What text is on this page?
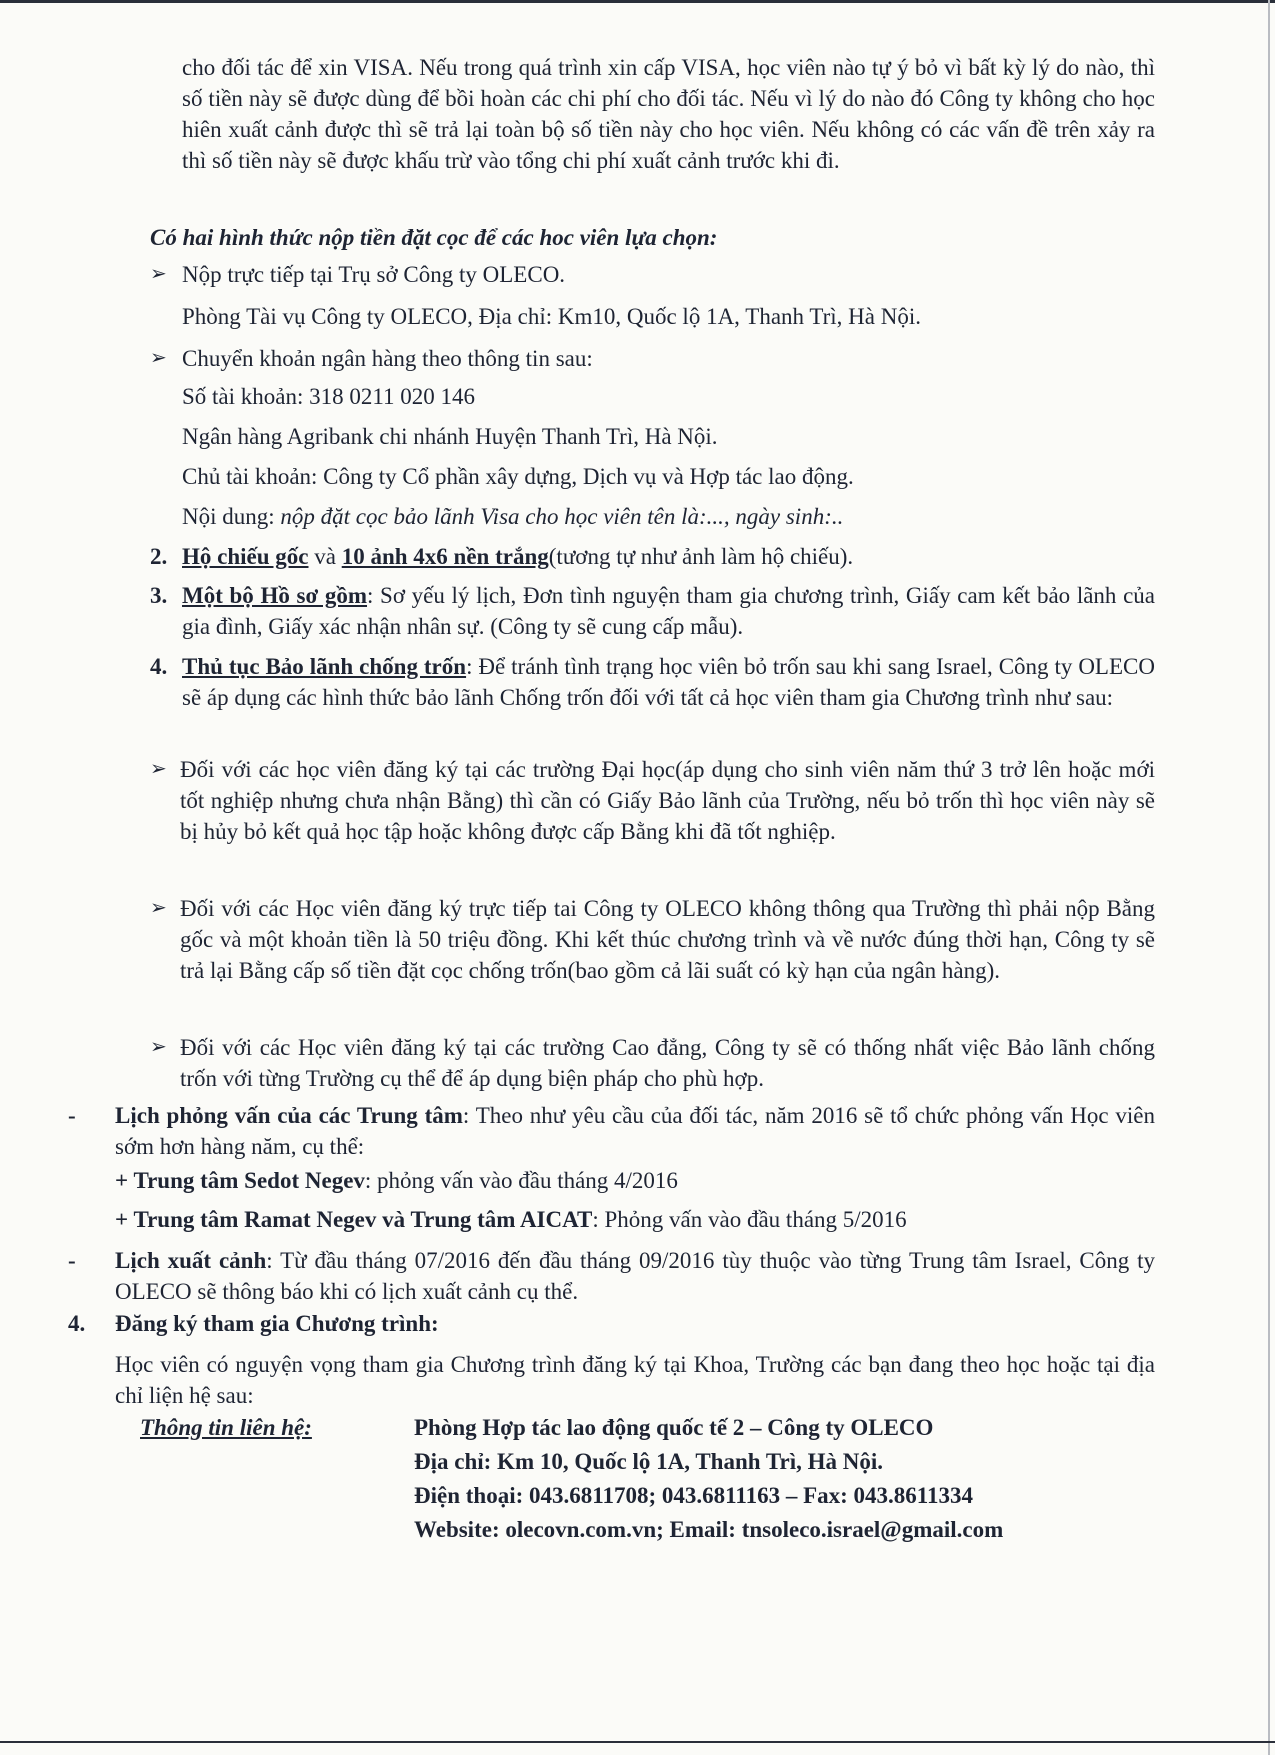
cho đối tác để xin VISA. Nếu trong quá trình xin cấp VISA, học viên nào tự ý bỏ vì bất kỳ lý do nào, thì số tiền này sẽ được dùng để bồi hoàn các chi phí cho đối tác. Nếu vì lý do nào đó Công ty không cho học hiên xuất cảnh được thì sẽ trả lại toàn bộ số tiền này cho học viên. Nếu không có các vấn đề trên xảy ra thì số tiền này sẽ được khấu trừ vào tổng chi phí xuất cảnh trước khi đi.
Có hai hình thức nộp tiền đặt cọc để các hoc viên lựa chọn:
➢ Nộp trực tiếp tại Trụ sở Công ty OLECO.
Phòng Tài vụ Công ty OLECO, Địa chỉ: Km10, Quốc lộ 1A, Thanh Trì, Hà Nội.
➢ Chuyển khoản ngân hàng theo thông tin sau:
Số tài khoản: 318 0211 020 146
Ngân hàng Agribank chi nhánh Huyện Thanh Trì, Hà Nội.
Chủ tài khoản: Công ty Cổ phần xây dựng, Dịch vụ và Hợp tác lao động.
Nội dung: nộp đặt cọc bảo lãnh Visa cho học viên tên là:..., ngày sinh:..
2. Hộ chiếu gốc và 10 ảnh 4x6 nền trắng(tương tự như ảnh làm hộ chiếu).
3. Một bộ Hồ sơ gồm: Sơ yếu lý lịch, Đơn tình nguyện tham gia chương trình, Giấy cam kết bảo lãnh của gia đình, Giấy xác nhận nhân sự. (Công ty sẽ cung cấp mẫu).
4. Thủ tục Bảo lãnh chống trốn: Để tránh tình trạng học viên bỏ trốn sau khi sang Israel, Công ty OLECO sẽ áp dụng các hình thức bảo lãnh Chống trốn đối với tất cả học viên tham gia Chương trình như sau:
➢ Đối với các học viên đăng ký tại các trường Đại học(áp dụng cho sinh viên năm thứ 3 trở lên hoặc mới tốt nghiệp nhưng chưa nhận Bằng) thì cần có Giấy Bảo lãnh của Trường, nếu bỏ trốn thì học viên này sẽ bị hủy bỏ kết quả học tập hoặc không được cấp Bằng khi đã tốt nghiệp.
➢ Đối với các Học viên đăng ký trực tiếp tai Công ty OLECO không thông qua Trường thì phải nộp Bằng gốc và một khoản tiền là 50 triệu đồng. Khi kết thúc chương trình và về nước đúng thời hạn, Công ty sẽ trả lại Bằng cấp số tiền đặt cọc chống trốn(bao gồm cả lãi suất có kỳ hạn của ngân hàng).
➢ Đối với các Học viên đăng ký tại các trường Cao đẳng, Công ty sẽ có thống nhất việc Bảo lãnh chống trốn với từng Trường cụ thể để áp dụng biện pháp cho phù hợp.
- Lịch phỏng vấn của các Trung tâm: Theo như yêu cầu của đối tác, năm 2016 sẽ tổ chức phỏng vấn Học viên sớm hơn hàng năm, cụ thể:
+ Trung tâm Sedot Negev: phỏng vấn vào đầu tháng 4/2016
+ Trung tâm Ramat Negev và Trung tâm AICAT: Phỏng vấn vào đầu tháng 5/2016
- Lịch xuất cảnh: Từ đầu tháng 07/2016 đến đầu tháng 09/2016 tùy thuộc vào từng Trung tâm Israel, Công ty OLECO sẽ thông báo khi có lịch xuất cảnh cụ thể.
4. Đăng ký tham gia Chương trình:
Học viên có nguyện vọng tham gia Chương trình đăng ký tại Khoa, Trường các bạn đang theo học hoặc tại địa chỉ liện hệ sau:
Thông tin liên hệ:	Phòng Hợp tác lao động quốc tế 2 – Công ty OLECO
Địa chỉ: Km 10, Quốc lộ 1A, Thanh Trì, Hà Nội.
Điện thoại: 043.6811708; 043.6811163 – Fax: 043.8611334
Website: olecovn.com.vn; Email: tnsoleco.israel@gmail.com
